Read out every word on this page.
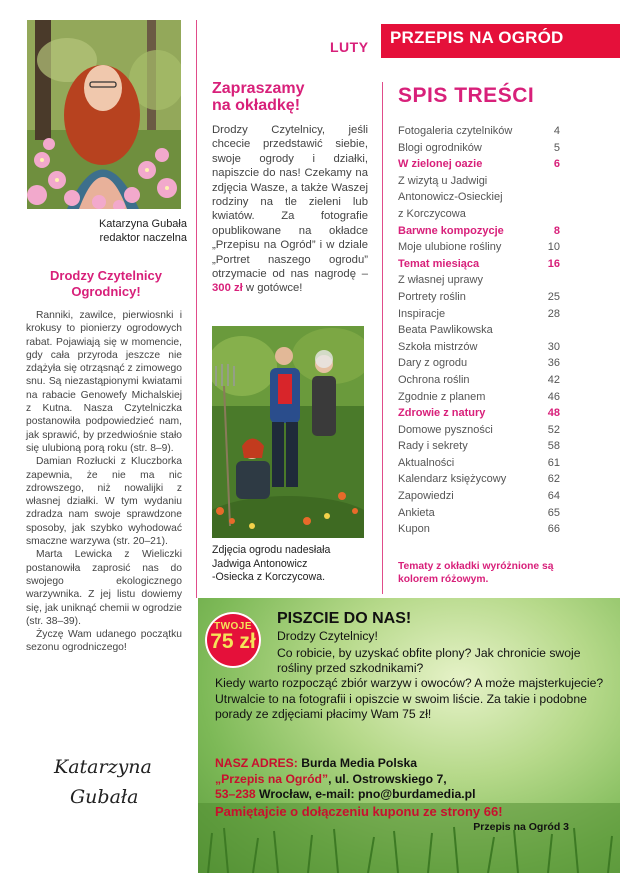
LUTY	PRZEPIS NA OGRÓD
Katarzyna Gubała
redaktor naczelna
Drodzy Czytelnicy Ogrodnicy!

Ranniki, zawilce, pierwiosnki i krokusy to pionierzy ogrodowych rabat. Pojawiają się w momencie, gdy cała przyroda jeszcze nie zdążyła się otrząsnąć z zimowego snu. Są niezastąpionymi kwiatami na rabacie Genowefy Michalskiej z Kutna. Nasza Czytelniczka postanowiła podpowiedzieć nam, jak sprawić, by przedwiośnie stało się ulubioną porą roku (str. 8–9).

Damian Rozłucki z Kluczborka zapewnia, że nie ma nic zdrowszego, niż nowalijki z własnej działki. W tym wydaniu zdradza nam swoje sprawdzone sposoby, jak szybko wyhodować smaczne warzywa (str. 20–21).

Marta Lewicka z Wieliczki postanowiła zaprosić nas do swojego ekologicznego warzywnika. Z jej listu dowiemy się, jak uniknąć chemii w ogrodzie (str. 38–39).

Życzę Wam udanego początku sezonu ogrodniczego!

Katarzyna
Gubała
Zapraszamy
na okładkę!
Drodzy Czytelnicy, jeśli chcecie przedstawić siebie, swoje ogrody i działki, napiszcie do nas! Czekamy na zdjęcia Wasze, a także Waszej rodziny na tle zieleni lub kwiatów. Za fotografie opublikowane na okładce „Przepisu na Ogród” i w dziale „Portret naszego ogrodu” otrzymacie od nas nagrodę – 300 zł w gotówce!
Zdjęcia ogrodu nadesłała
Jadwiga Antonowicz
-Osiecka z Korczycowa.
SPIS TREŚCI
Fotogaleria czytelników	4
Blogi ogrodników	5
W zielonej oazie	6
Z wizytą u Jadwigi
Antonowicz-Osieckiej
z Korczycowa
Barwne kompozycje	8
Moje ulubione rośliny	10
Temat miesiąca	16
Z własnej uprawy
Portrety roślin	25
Inspiracje	28
Beata Pawlikowska
Szkoła mistrzów	30
Dary z ogrodu	36
Ochrona roślin	42
Zgodnie z planem	46
Zdrowie z natury	48
Domowe pyszności	52
Rady i sekrety	58
Aktualności	61
Kalendarz księżycowy	62
Zapowiedzi	64
Ankieta	65
Kupon	66
Tematy z okładki wyróżnione są kolorem różowym.
TWOJE
75 zł
PISZCIE DO NAS!
Drodzy Czytelnicy!

Co robicie, by uzyskać obfite plony? Jak chronicie swoje rośliny przed szkodnikami?

Kiedy warto rozpocząć zbiór warzyw i owoców? A może majsterkujecie? Utrwalcie to na fotografii i opiszcie w swoim liście. Za takie i podobne porady ze zdjęciami płacimy Wam 75 zł!

NASZ ADRES: Burda Media Polska
„Przepis na Ogród”, ul. Ostrowskiego 7,
53–238 Wrocław, e-mail: pno@burdamedia.pl
Pamiętajcie o dołączeniu kuponu ze strony 66!
Przepis na Ogród 3
